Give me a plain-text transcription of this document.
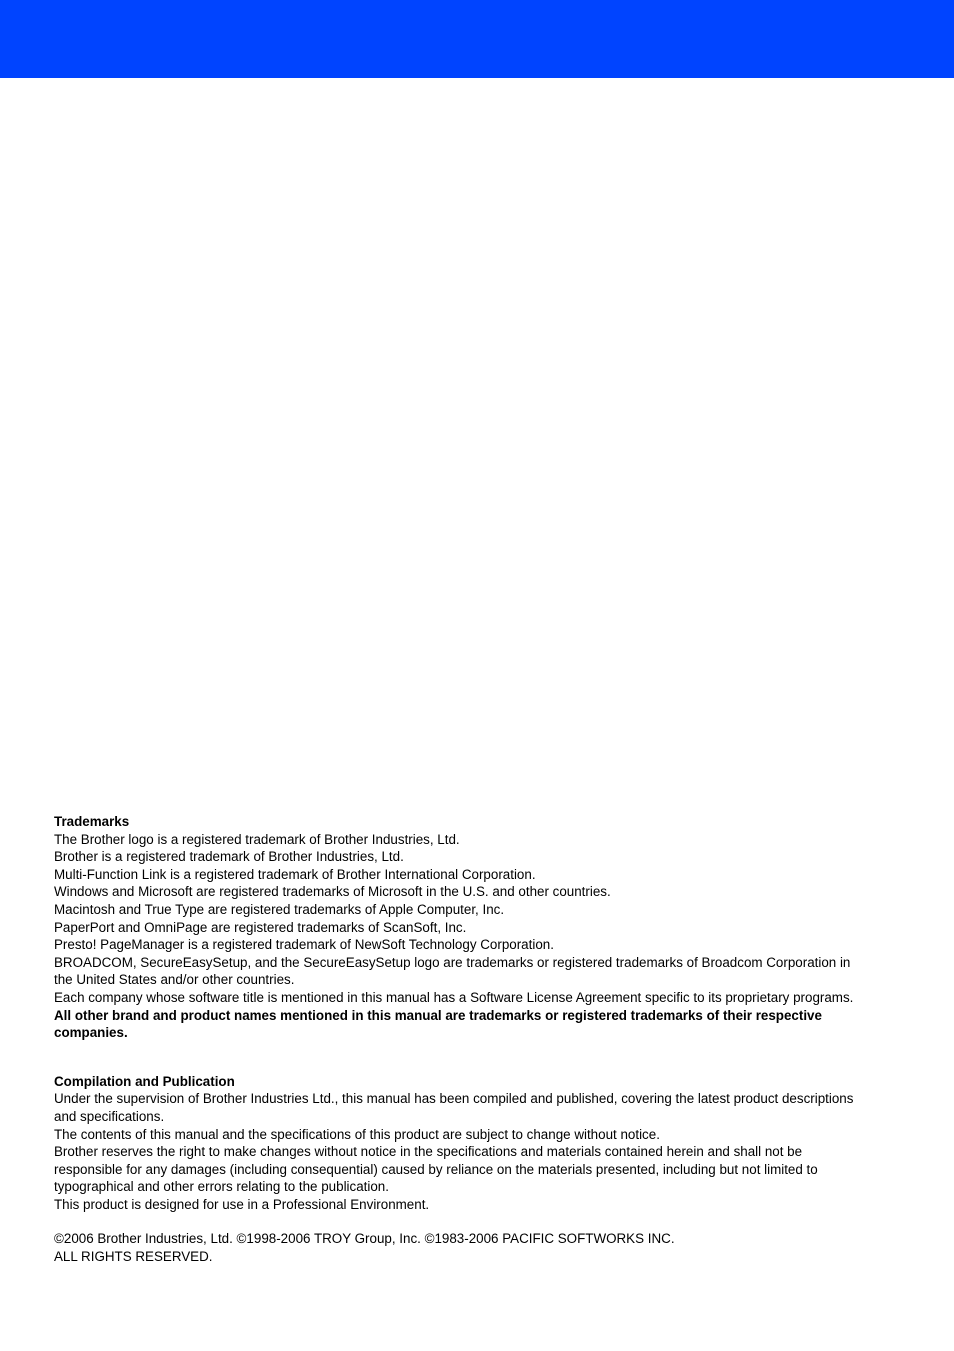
Trademarks

The Brother logo is a registered trademark of Brother Industries, Ltd.

Brother is a registered trademark of Brother Industries, Ltd.

Multi-Function Link is a registered trademark of Brother International Corporation.

Windows and Microsoft are registered trademarks of Microsoft in the U.S. and other countries.

Macintosh and True Type are registered trademarks of Apple Computer, Inc.

PaperPort and OmniPage are registered trademarks of ScanSoft, Inc.

Presto! PageManager is a registered trademark of NewSoft Technology Corporation.

BROADCOM, SecureEasySetup, and the SecureEasySetup logo are trademarks or registered trademarks of Broadcom Corporation in the United States and/or other countries.

Each company whose software title is mentioned in this manual has a Software License Agreement specific to its proprietary programs.

All other brand and product names mentioned in this manual are trademarks or registered trademarks of their respective companies.

Compilation and Publication

Under the supervision of Brother Industries Ltd., this manual has been compiled and published, covering the latest product descriptions and specifications.

The contents of this manual and the specifications of this product are subject to change without notice.

Brother reserves the right to make changes without notice in the specifications and materials contained herein and shall not be responsible for any damages (including consequential) caused by reliance on the materials presented, including but not limited to typographical and other errors relating to the publication.

This product is designed for use in a Professional Environment.

©2006 Brother Industries, Ltd. ©1998-2006 TROY Group, Inc. ©1983-2006 PACIFIC SOFTWORKS INC.

ALL RIGHTS RESERVED.
